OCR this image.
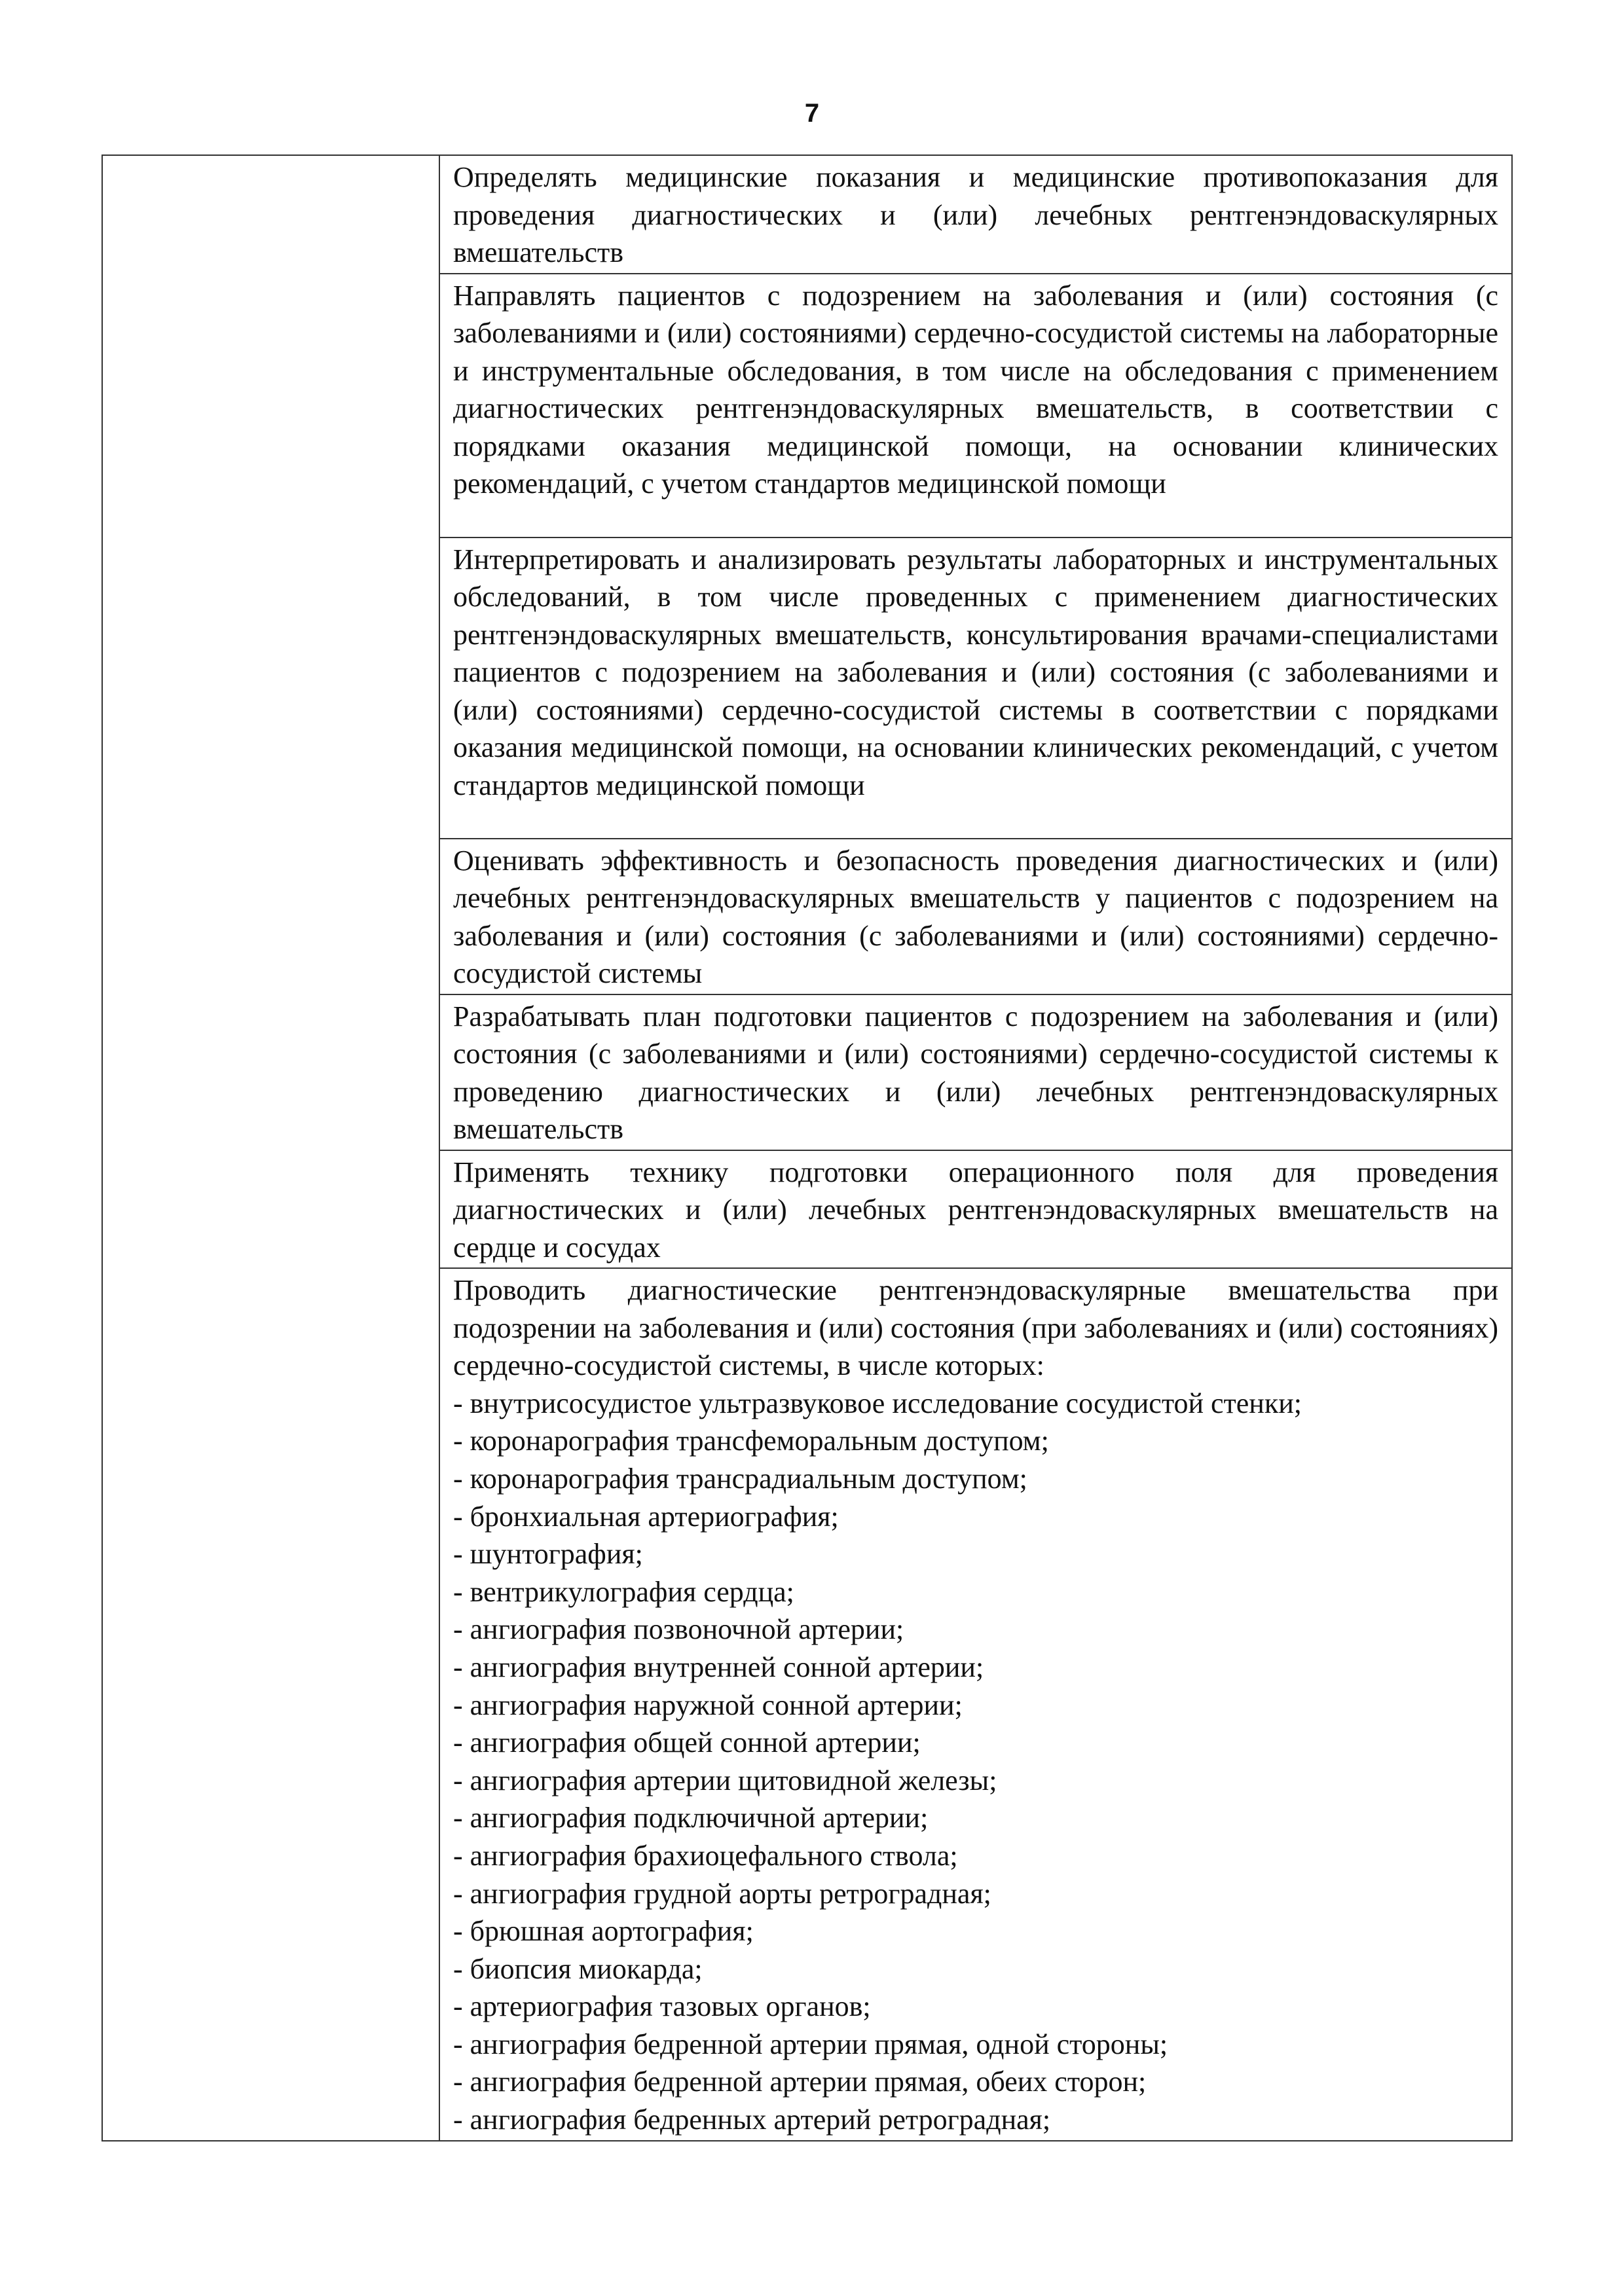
7

Определять медицинские показания и медицинские противопоказания для проведения диагностических и (или) лечебных рентгенэндоваскулярных вмешательств

Направлять пациентов с подозрением на заболевания и (или) состояния (с заболеваниями и (или) состояниями) сердечно-сосудистой системы на лабораторные и инструментальные обследования, в том числе на обследования с применением диагностических рентгенэндоваскулярных вмешательств, в соответствии с порядками оказания медицинской помощи, на основании клинических рекомендаций, с учетом стандартов медицинской помощи

Интерпретировать и анализировать результаты лабораторных и инструментальных обследований, в том числе проведенных с применением диагностических рентгенэндоваскулярных вмешательств, консультирования врачами-специалистами пациентов с подозрением на заболевания и (или) состояния (с заболеваниями и (или) состояниями) сердечно-сосудистой системы в соответствии с порядками оказания медицинской помощи, на основании клинических рекомендаций, с учетом стандартов медицинской помощи

Оценивать эффективность и безопасность проведения диагностических и (или) лечебных рентгенэндоваскулярных вмешательств у пациентов с подозрением на заболевания и (или) состояния (с заболеваниями и (или) состояниями) сердечно-сосудистой системы

Разрабатывать план подготовки пациентов с подозрением на заболевания и (или) состояния (с заболеваниями и (или) состояниями) сердечно-сосудистой системы к проведению диагностических и (или) лечебных рентгенэндоваскулярных вмешательств

Применять технику подготовки операционного поля для проведения диагностических и (или) лечебных рентгенэндоваскулярных вмешательств на сердце и сосудах

Проводить диагностические рентгенэндоваскулярные вмешательства при подозрении на заболевания и (или) состояния (при заболеваниях и (или) состояниях) сердечно-сосудистой системы, в числе которых:
- внутрисосудистое ультразвуковое исследование сосудистой стенки;
- коронарография трансфеморальным доступом;
- коронарография трансрадиальным доступом;
- бронхиальная артериография;
- шунтография;
- вентрикулография сердца;
- ангиография позвоночной артерии;
- ангиография внутренней сонной артерии;
- ангиография наружной сонной артерии;
- ангиография общей сонной артерии;
- ангиография артерии щитовидной железы;
- ангиография подключичной артерии;
- ангиография брахиоцефального ствола;
- ангиография грудной аорты ретроградная;
- брюшная аортография;
- биопсия миокарда;
- артериография тазовых органов;
- ангиография бедренной артерии прямая, одной стороны;
- ангиография бедренной артерии прямая, обеих сторон;
- ангиография бедренных артерий ретроградная;
